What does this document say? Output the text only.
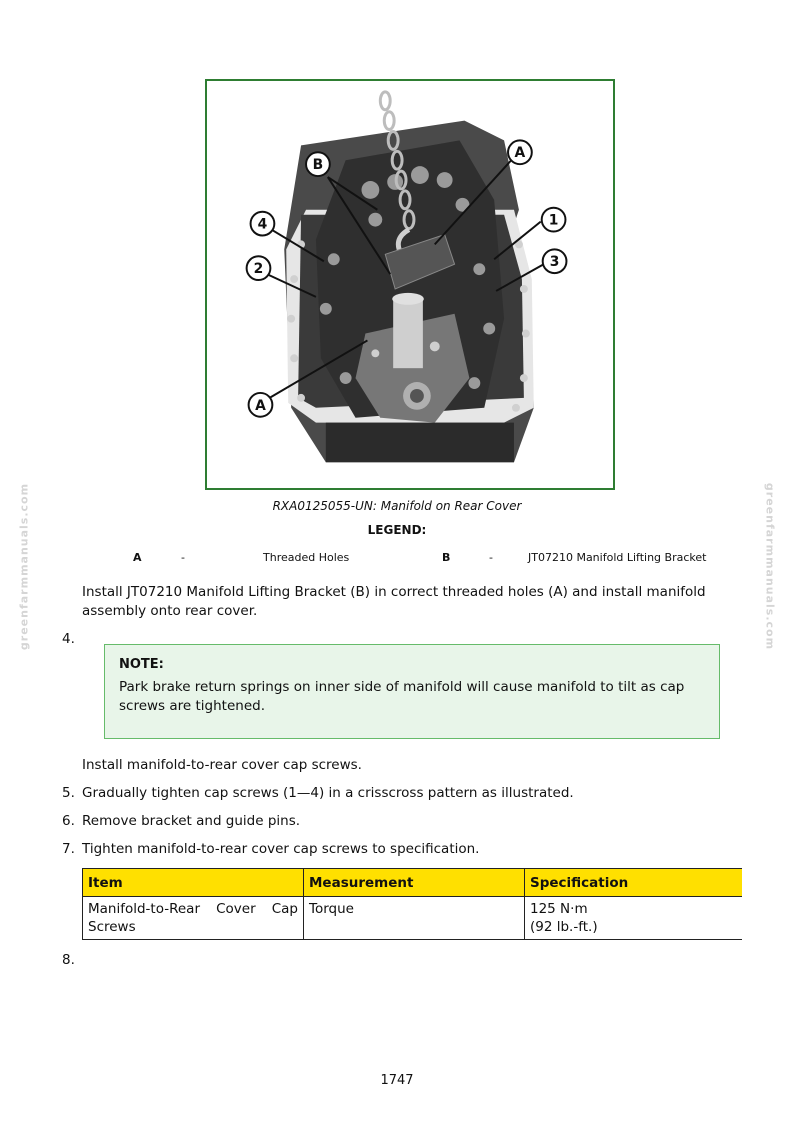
B
A
4	1
2	3
A
RXA0125055-UN: Manifold on Rear Cover
LEGEND:
A	-	Threaded Holes	B	-	JT07210 Manifold Lifting Bracket
Install JT07210 Manifold Lifting Bracket (B) in correct threaded holes (A) and install manifold assembly onto rear cover.
4.
NOTE:
Park brake return springs on inner side of manifold will cause manifold to tilt as cap screws are tightened.
Install manifold-to-rear cover cap screws.
5. Gradually tighten cap screws (1—4) in a crisscross pattern as illustrated.
6. Remove bracket and guide pins.
7. Tighten manifold-to-rear cover cap screws to specification.
Item	Measurement	Specification
Manifold-to-Rear Cover Cap Screws	Torque	125 N·m
(92 lb.-ft.)
8.
greenfarmmanuals.com	greenfarmmanuals.com
1747
